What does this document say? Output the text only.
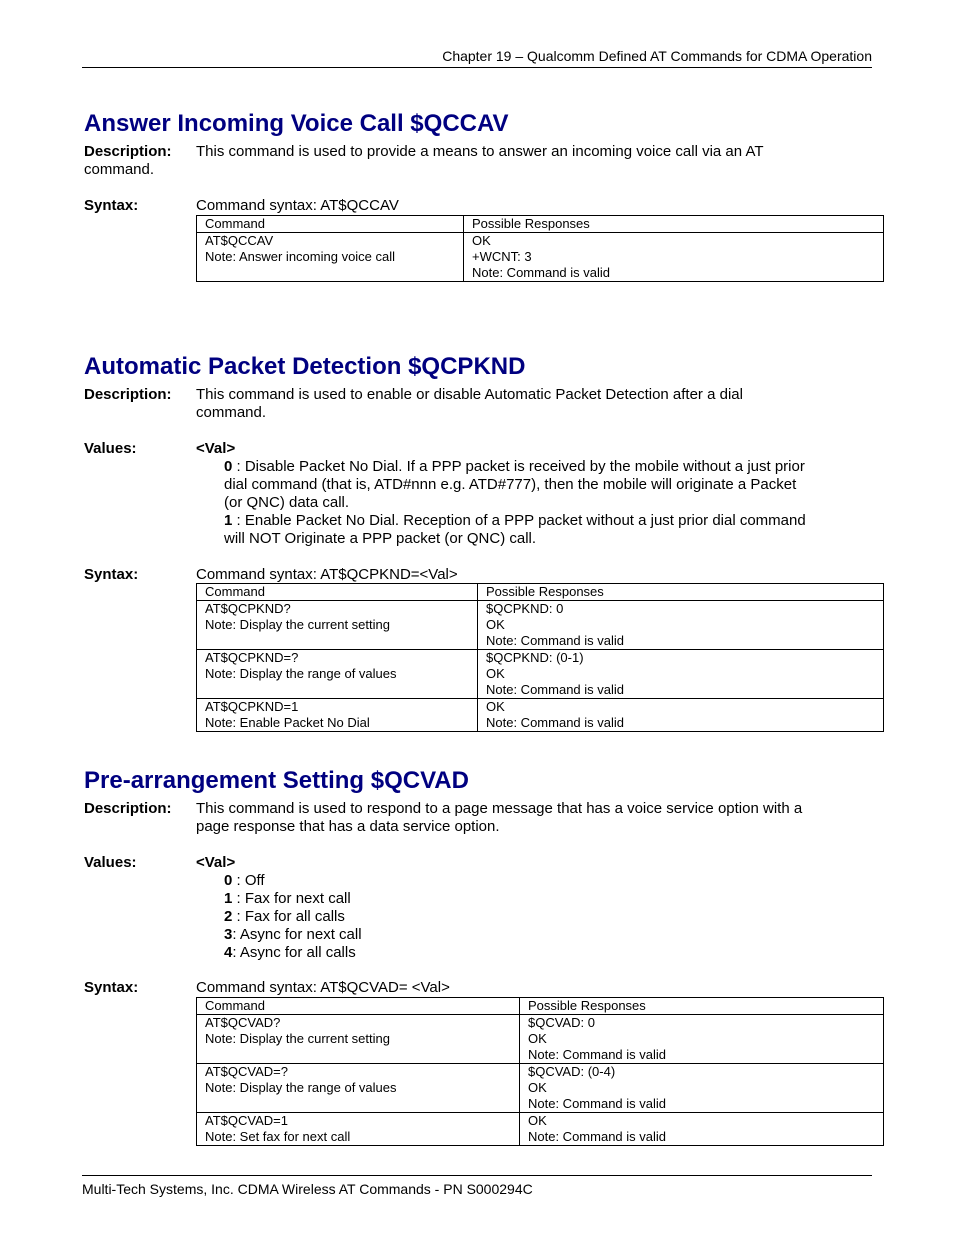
Chapter 19 – Qualcomm Defined AT Commands for CDMA Operation
Answer Incoming Voice Call $QCCAV
Description: This command is used to provide a means to answer an incoming voice call via an AT
command.
Syntax:	Command syntax: AT$QCCAV
Command	Possible Responses

AT$QCCAV
Note: Answer incoming voice call	OK
+WCNT: 3
Note: Command is valid
Automatic Packet Detection $QCPKND
Description: This command is used to enable or disable Automatic Packet Detection after a dial
command.
Values:	<Val>
0 : Disable Packet No Dial. If a PPP packet is received by the mobile without a just prior
dial command (that is, ATD#nnn e.g. ATD#777), then the mobile will originate a Packet
(or QNC) data call.
1 : Enable Packet No Dial. Reception of a PPP packet without a just prior dial command
will NOT Originate a PPP packet (or QNC) call.
Syntax:	Command syntax: AT$QCPKND=<Val>
Command	Possible Responses

AT$QCPKND?
Note: Display the current setting	$QCPKND: 0
OK
Note: Command is valid

AT$QCPKND=?
Note: Display the range of values	$QCPKND: (0-1)
OK
Note: Command is valid

AT$QCPKND=1
Note: Enable Packet No Dial	OK
Note: Command is valid
Pre-arrangement Setting $QCVAD
Description: This command is used to respond to a page message that has a voice service option with a
page response that has a data service option.
Values:	<Val>
0 : Off
1 : Fax for next call
2 : Fax for all calls
3: Async for next call
4: Async for all calls
Syntax:	Command syntax: AT$QCVAD= <Val>
Command	Possible Responses

AT$QCVAD?
Note: Display the current setting	$QCVAD: 0
OK
Note: Command is valid

AT$QCVAD=?
Note: Display the range of values	$QCVAD: (0-4)
OK
Note: Command is valid

AT$QCVAD=1
Note: Set fax for next call	OK
Note: Command is valid
Multi-Tech Systems, Inc. CDMA Wireless AT Commands - PN S000294C
